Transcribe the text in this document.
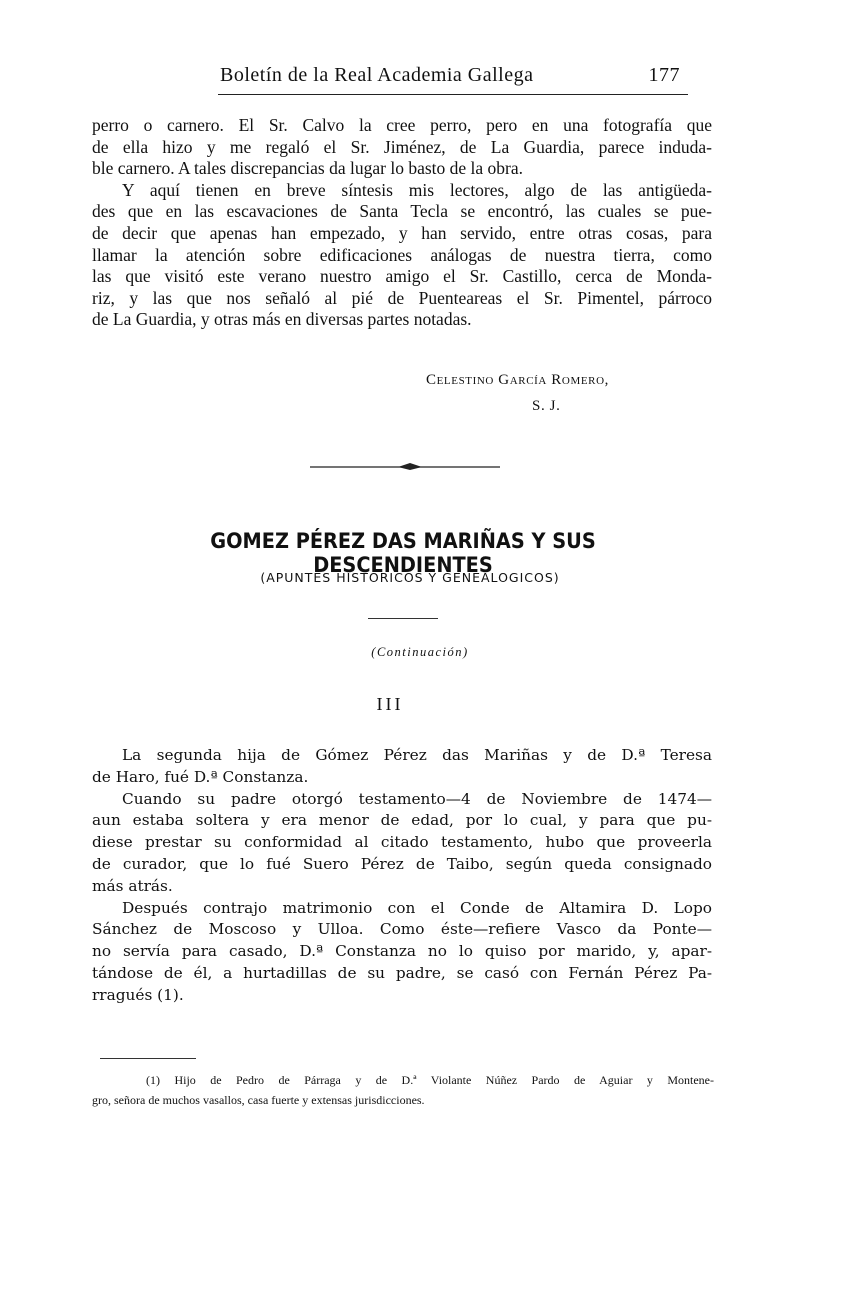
Boletín de la Real Academia Gallega	177
perro o carnero. El Sr. Calvo la cree perro, pero en una fotografía que
de ella hizo y me regaló el Sr. Jiménez, de La Guardia, parece induda-
ble carnero. A tales discrepancias da lugar lo basto de la obra.
Y aquí tienen en breve síntesis mis lectores, algo de las antigüeda-
des que en las escavaciones de Santa Tecla se encontró, las cuales se pue-
de decir que apenas han empezado, y han servido, entre otras cosas, para
llamar la atención sobre edificaciones análogas de nuestra tierra, como
las que visitó este verano nuestro amigo el Sr. Castillo, cerca de Monda-
riz, y las que nos señaló al pié de Puenteareas el Sr. Pimentel, párroco
de La Guardia, y otras más en diversas partes notadas.
Celestino García Romero,
S. J.
GOMEZ PÉREZ DAS MARIÑAS Y SUS DESCENDIENTES
(APUNTES HISTÓRICOS Y GENEALOGICOS)
(Continuación)
III
La segunda hija de Gómez Pérez das Mariñas y de D.ª Teresa
de Haro, fué D.ª Constanza.
Cuando su padre otorgó testamento—4 de Noviembre de 1474—
aun estaba soltera y era menor de edad, por lo cual, y para que pu-
diese prestar su conformidad al citado testamento, hubo que proveerla
de curador, que lo fué Suero Pérez de Taibo, según queda consignado
más atrás.
Después contrajo matrimonio con el Conde de Altamira D. Lopo
Sánchez de Moscoso y Ulloa. Como éste—refiere Vasco da Ponte—
no servía para casado, D.ª Constanza no lo quiso por marido, y, apar-
tándose de él, a hurtadillas de su padre, se casó con Fernán Pérez Pa-
rragués (1).
(1) Hijo de Pedro de Párraga y de D.ª Violante Núñez Pardo de Aguiar y Montene-
gro, señora de muchos vasallos, casa fuerte y extensas jurisdicciones.
